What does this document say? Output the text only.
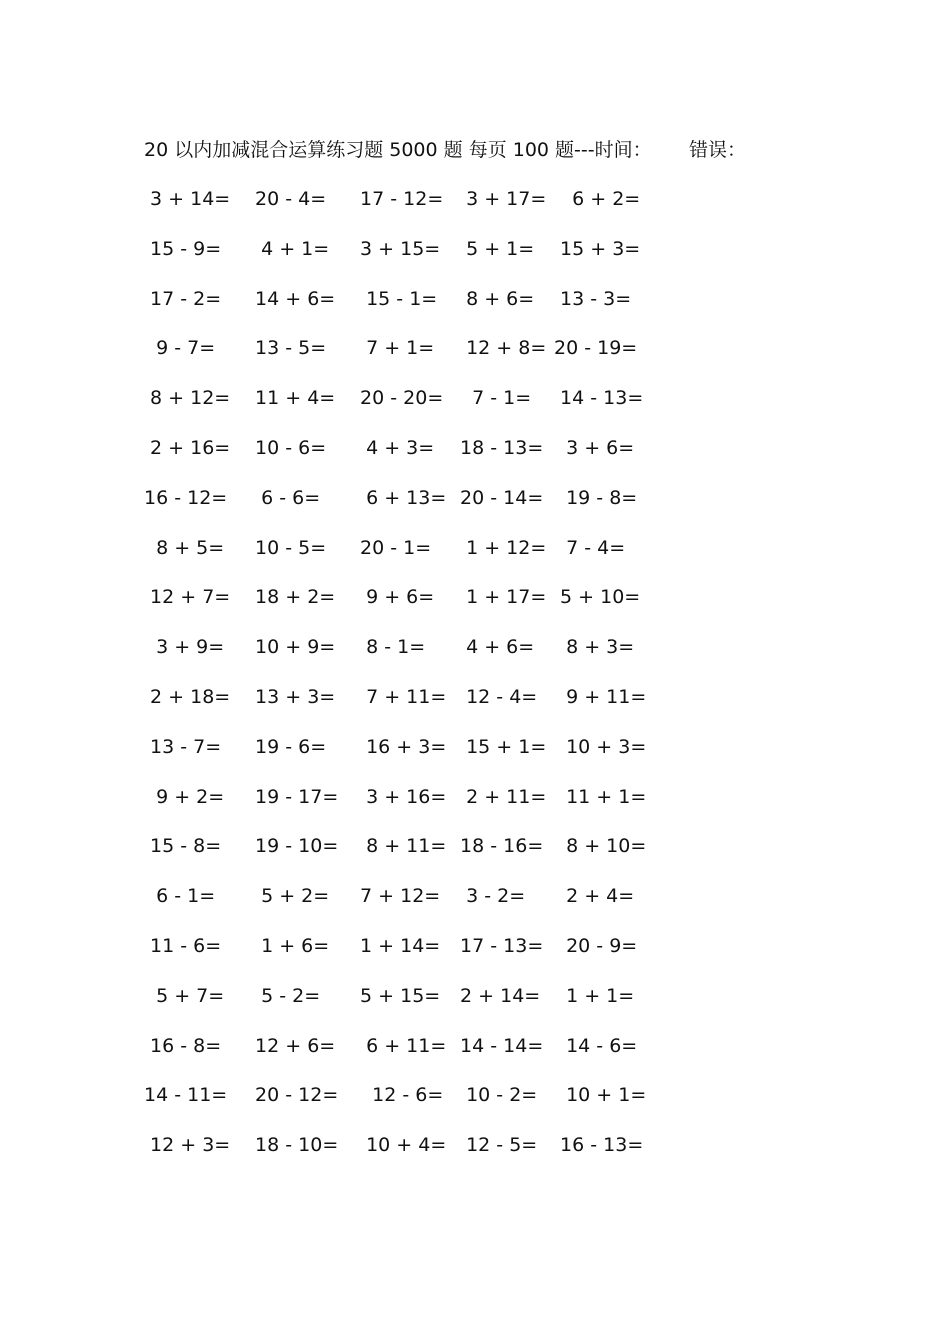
20 以内加减混合运算练习题 5000 题 每页 100 题---时间： 错误：
3 + 14= 20 - 4= 17 - 12= 3 + 17= 6 + 2=
15 - 9= 4 + 1= 3 + 15= 5 + 1= 15 + 3=
17 - 2= 14 + 6= 15 - 1= 8 + 6= 13 - 3=
9 - 7= 13 - 5= 7 + 1= 12 + 8= 20 - 19=
8 + 12= 11 + 4= 20 - 20= 7 - 1= 14 - 13=
2 + 16= 10 - 6= 4 + 3= 18 - 13= 3 + 6=
16 - 12= 6 - 6= 6 + 13= 20 - 14= 19 - 8=
8 + 5= 10 - 5= 20 - 1= 1 + 12= 7 - 4=
12 + 7= 18 + 2= 9 + 6= 1 + 17= 5 + 10=
3 + 9= 10 + 9= 8 - 1= 4 + 6= 8 + 3=
2 + 18= 13 + 3= 7 + 11= 12 - 4= 9 + 11=
13 - 7= 19 - 6= 16 + 3= 15 + 1= 10 + 3=
9 + 2= 19 - 17= 3 + 16= 2 + 11= 11 + 1=
15 - 8= 19 - 10= 8 + 11= 18 - 16= 8 + 10=
6 - 1= 5 + 2= 7 + 12= 3 - 2= 2 + 4=
11 - 6= 1 + 6= 1 + 14= 17 - 13= 20 - 9=
5 + 7= 5 - 2= 5 + 15= 2 + 14= 1 + 1=
16 - 8= 12 + 6= 6 + 11= 14 - 14= 14 - 6=
14 - 11= 20 - 12= 12 - 6= 10 - 2= 10 + 1=
12 + 3= 18 - 10= 10 + 4= 12 - 5= 16 - 13=
